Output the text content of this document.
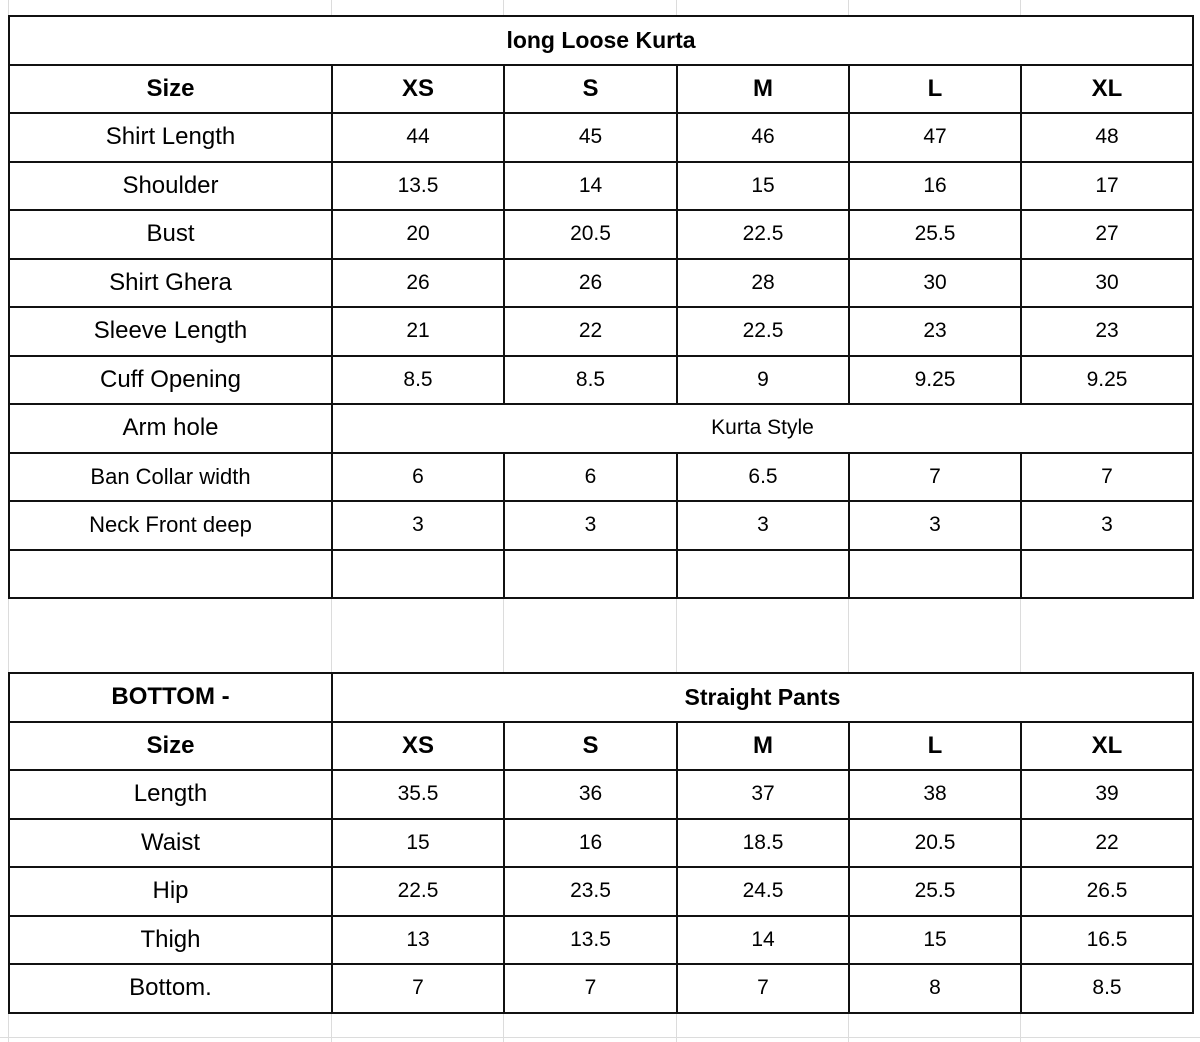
long Loose Kurta					
Size	XS	S	M	L	XL
Shirt Length	44	45	46	47	48
Shoulder	13.5	14	15	16	17
Bust	20	20.5	22.5	25.5	27
Shirt Ghera	26	26	28	30	30
Sleeve Length	21	22	22.5	23	23
Cuff Opening	8.5	8.5	9	9.25	9.25
Arm hole	Kurta Style				
Ban Collar width	6	6	6.5	7	7
Neck Front deep	3	3	3	3	3

BOTTOM -	Straight Pants				
Size	XS	S	M	L	XL
Length	35.5	36	37	38	39
Waist	15	16	18.5	20.5	22
Hip	22.5	23.5	24.5	25.5	26.5
Thigh	13	13.5	14	15	16.5
Bottom.	7	7	7	8	8.5
